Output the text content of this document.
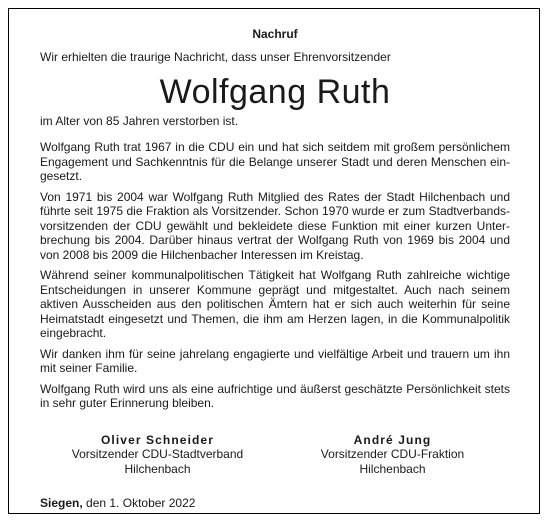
Nachruf
Wir erhielten die traurige Nachricht, dass unser Ehrenvorsitzender
Wolfgang Ruth
im Alter von 85 Jahren verstorben ist.
Wolfgang Ruth trat 1967 in die CDU ein und hat sich seitdem mit großem persönlichem Engagement und Sachkenntnis für die Belange unserer Stadt und deren Menschen eingesetzt.
Von 1971 bis 2004 war Wolfgang Ruth Mitglied des Rates der Stadt Hilchenbach und führte seit 1975 die Fraktion als Vorsitzender. Schon 1970 wurde er zum Stadtverbandsvorsitzenden der CDU gewählt und bekleidete diese Funktion mit einer kurzen Unterbrechung bis 2004. Darüber hinaus vertrat der Wolfgang Ruth von 1969 bis 2004 und von 2008 bis 2009 die Hilchenbacher Interessen im Kreistag.
Während seiner kommunalpolitischen Tätigkeit hat Wolfgang Ruth zahlreiche wichtige Entscheidungen in unserer Kommune geprägt und mitgestaltet. Auch nach seinem aktiven Ausscheiden aus den politischen Ämtern hat er sich auch weiterhin für seine Heimatstadt eingesetzt und Themen, die ihm am Herzen lagen, in die Kommunalpolitik eingebracht.
Wir danken ihm für seine jahrelang engagierte und vielfältige Arbeit und trauern um ihn mit seiner Familie.
Wolfgang Ruth wird uns als eine aufrichtige und äußerst geschätzte Persönlichkeit stets in sehr guter Erinnerung bleiben.
Oliver Schneider
Vorsitzender CDU-Stadtverband
Hilchenbach
André Jung
Vorsitzender CDU-Fraktion
Hilchenbach
Siegen, den 1. Oktober 2022
